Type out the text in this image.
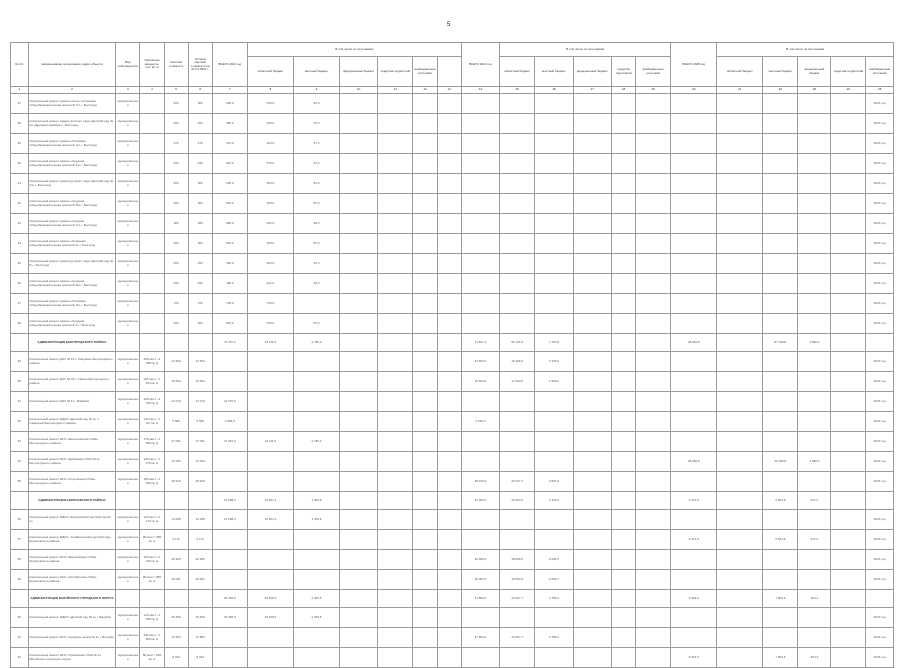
5
№ п/п	Наименование организации, адрес объекта	Вид собственности	Проектная мощность, тыс. кв. м	Сметная стоимость	Остаток сметной стоимости на 01.01.2021 г.	ВСЕГО 2023 год	В том числе по источникам						ВСЕГО 2024 год	В том числе по источникам					ВСЕГО 2025 год	В том числе по источникам				
							областной бюджет	местный бюджет	федеральный бюджет	средства территорий	внебюджетные источники			областной бюджет	местный бюджет	федеральный бюджет	средства территорий	внебюджетные источники		областной бюджет	местный бюджет	федеральный бюджет	средства территорий	внебюджетные источники
1	2	3	4	5	6	7	8	9	10	11	12	13	14	15	16	17	18	19	20	21	22	23	24	25
37	Капитальный ремонт здания школы «Основная общеобразовательная школа № 77» г. Белгород	муниципальная		600	600	600,0	540,0	60,0																2024 год
38	Капитальный ремонт здания детского сада «Детский сад № 22 «Дружная семейка» г. Белгород	муниципальная		450	450	450,0	405,0	45,0																2023 год
39	Капитальный ремонт здания «Основная общеобразовательная школа № 14» г. Белгород	муниципальная		470	470	470,0	423,0	47,0																2023 год
40	Капитальный ремонт здания «Средняя общеобразовательная школа № 21» г. Белгород	муниципальная		640	640	640,0	576,0	64,0																2023 год
41	Капитальный ремонт здания детского сада «Детский сад № 31» г. Белгород	муниципальная		500	500	500,0	450,0	50,0																2023 год
42	Капитальный ремонт здания «Средняя общеобразовательная школа № 45» г. Белгород	муниципальная		500	500	500,0	450,0	50,0																2023 год
43	Капитальный ремонт здания «Средняя общеобразовательная школа № 17» г. Белгород	муниципальная		280	280	280,0	252,0	28,0																2023 год
44	Капитальный ремонт здания «Основная общеобразовательная школа № 9» г. Белгород	муниципальная		500	500	500,0	450,0	50,0																2023 год
45	Капитальный ремонт здания детского сада «Детский сад № 5» г. Белгород	муниципальная		450	450	450,0	405,0	45,0																2023 год
46	Капитальный ремонт здания «Средняя общеобразовательная школа № 40» г. Белгород	муниципальная		490	490	490,0	441,0	49,0																2024 год
47	Капитальный ремонт здания «Основная общеобразовательная школа № 19» г. Белгород	муниципальная		700	700	700,0	700,0																	2023 год
48	Капитальный ремонт здания «Средняя общеобразовательная школа № 1» г. Белгород	муниципальная		600	600	600,0	540,0	60,0																2024 год
	АДМИНИСТРАЦИЯ БЕЛГОРОДСКОГО РАЙОНА					73 457,3	23 111,6	2 780,3					71 827,3	66 791,9	7 195,8				28 960,8		87 940,8	2 898,0		
49	Капитальный ремонт ДОУ № 16 п. Разумное Белгородского района	муниципальная	400 мест / 2 288 кв. м	21 663	21 663								21 663,0	19 496,0	2 166,0									2023 год
50	Капитальный ремонт ДОУ № 33 п. Ямное Белгородского района	муниципальная	225 мест / 1 544 кв. м	19 593	19 593								19 593,0	17 634,0	1 959,0									2023 год
51	Капитальный ремонт ДОУ № 5 п. Майский	муниципальная	320 мест / 2 790 кв. м	41 070	41 070	41 070,0																		2024 год
52	Капитальный ремонт МДОУ «Детский сад № 3» п. Северный Белгородского района	муниципальная	140 мест / 1 127 кв. м	5 586	5 586	2 956,0							2 630,0											2023 год
53	Капитальный ремонт МОУ «Бессоновская СОШ» Белгородского района	муниципальная	176 мест / 1 590 кв. м	27 061	27 061	27 061,0	23 111,6	2 780,3																2023 год
54	Капитальный ремонт МОУ «Дубовская СОШ № 2» Белгородского района	муниципальная	120 мест / 1 175 кв. м	21 063	21 063														28 960,8		26 063,8	2 898,0		2023 год
55	Капитальный ремонт МОУ «Стрелецкая СОШ» Белгородского района	муниципальная	180 мест / 1 250 кв. м	28 919	28 919								28 919,0	26 027,1	2 891,9									2024 год
	АДМИНИСТРАЦИЯ БОРИСОВСКОГО РАЙОНА					14 068,0	12 661,2	1 406,8					41 026,0	36 923,4	4 102,6				6 172,0		5 554,8	617,2		
56	Капитальный ремонт МДОУ «Борисовский детский сад № 1»	муниципальная	140 мест / 1 172 кв. м	14 068	14 068	14 068,0	12 661,2	1 406,8																2023 год
57	Капитальный ремонт МДОУ «Грайворонский детский сад» Борисовского района	муниципальная	96 мест / 685 кв. м	6 172	6 172														6 172,0		5 554,8	617,2		2025 год
58	Капитальный ремонт МОУ «Березовская СОШ» Борисовского района	муниципальная	160 мест / 1 310 кв. м	20 965	20 965								20 965,0	18 868,5	2 096,5									2024 год
59	Капитальный ремонт МОУ «Октябрьская СОШ» Борисовского района	муниципальная	96 мест / 850 кв. м	20 061	20 061								20 061,0	18 054,9	2 006,1									2024 год
	АДМИНИСТРАЦИЯ ВАЛУЙСКОГО ГОРОДСКОГО ОКРУГА					29 465,0	26 518,5	2 946,5					47 853,0	43 067,7	4 785,3				8 344,0		7 509,6	834,4		
60	Капитальный ремонт МДОУ «Детский сад № 1» г. Валуйки	муниципальная	140 мест / 1 030 кв. м	29 465	29 465	29 465,0	26 518,5	2 946,5																2023 год
61	Капитальный ремонт МОУ «Средняя школа № 3» г. Валуйки	муниципальная	240 мест / 1 500 кв. м	47 853	47 853								47 853,0	43 067,7	4 785,3									2024 год
62	Капитальный ремонт МОУ «Уразовская СОШ № 2» Валуйского городского округа	муниципальная	80 мест / 640 кв. м	8 344	8 344														8 344,0		7 509,6	834,4		2025 год
